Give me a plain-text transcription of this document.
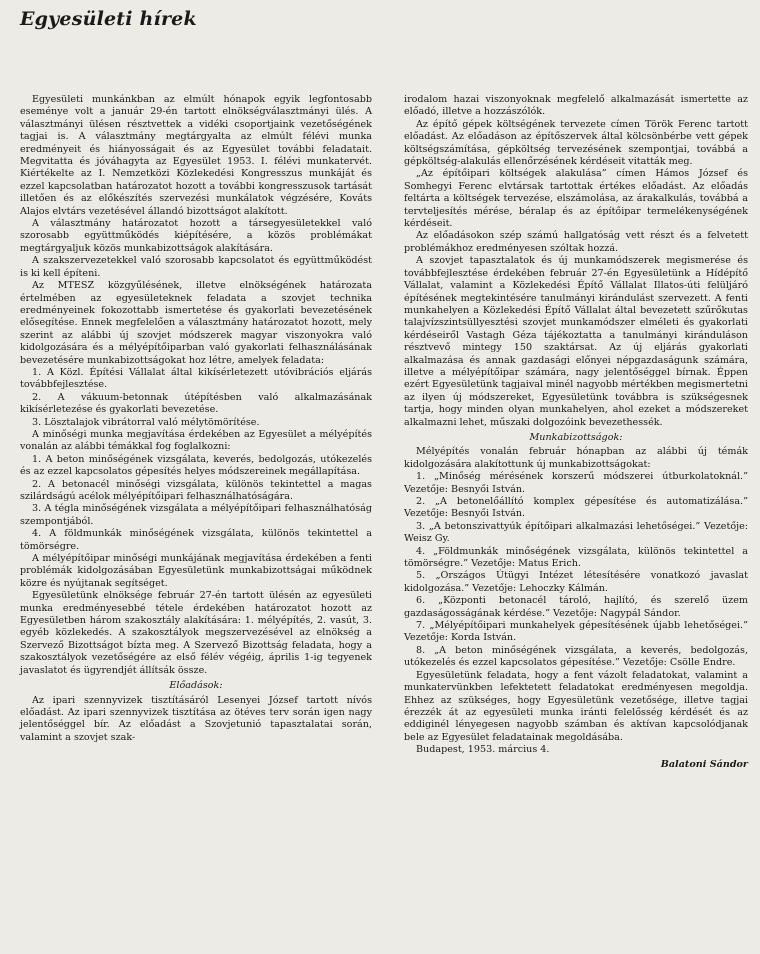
Egyesületi hírek

Egyesületi munkánkban az elmúlt hónapok egyik legfontosabb eseménye volt a január 29-én tartott elnökségválasztmányi ülés. A választmányi ülésen résztvettek a vidéki csoportjaink vezetőségének tagjai is. A választmány megtárgyalta az elmúlt félévi munka eredményeit és hiányosságait és az Egyesület további feladatait. Megvitatta és jóváhagyta az Egyesület 1953. I. félévi munkatervét. Kiértékelte az I. Nemzetközi Közlekedési Kongresszus munkáját és ezzel kapcsolatban határozatot hozott a további kongresszusok tartását illetően és az előkészítés szervezési munkálatok végzésére, Kováts Alajos elvtárs vezetésével állandó bizottságot alakított.

A választmány határozatot hozott a társegyesületekkel való szorosabb együttműködés kiépítésére, a közös problémákat megtárgyaljuk közös munkabizottságok alakítására.

A szakszervezetekkel való szorosabb kapcsolatot és együttműködést is ki kell építeni.

Az MTESZ közgyűlésének, illetve elnökségének határozata értelmében az egyesületeknek feladata a szovjet technika eredményeinek fokozottabb ismertetése és gyakorlati bevezetésének elősegítése. Ennek megfelelően a választmány határozatot hozott, mely szerint az alábbi új szovjet módszerek magyar viszonyokra való kidolgozására és a mélyépítőiparban való gyakorlati felhasználásának bevezetésére munkabizottságokat hoz létre, amelyek feladata:

1. A Közl. Építési Vállalat által kikísérletezett utóvibrációs eljárás továbbfejlesztése.

2. A vákuum-betonnak útépítésben való alkalmazásának kikísérletezése és gyakorlati bevezetése.

3. Lösztalajok vibrátorral való mélytömörítése.

A minőségi munka megjavítása érdekében az Egyesület a mélyépítés vonalán az alábbi témákkal fog foglalkozni:

1. A beton minőségének vizsgálata, keverés, bedolgozás, utókezelés és az ezzel kapcsolatos gépesítés helyes módszereinek megállapítása.

2. A betonacél minőségi vizsgálata, különös tekintettel a magas szilárdságú acélok mélyépítőipari felhasználhatóságára.

3. A tégla minőségének vizsgálata a mélyépítőipari felhasználhatóság szempontjából.

4. A földmunkák minőségének vizsgálata, különös tekintettel a tömörségre.

A mélyépítőipar minőségi munkájának megjavítása érdekében a fenti problémák kidolgozásában Egyesületünk munkabizottságai működnek közre és nyújtanak segítséget.

Egyesületünk elnöksége február 27-én tartott ülésén az egyesületi munka eredményesebbé tétele érdekében határozatot hozott az Egyesületben három szakosztály alakítására: 1. mélyépítés, 2. vasút, 3. egyéb közlekedés. A szakosztályok megszervezésével az elnökség a Szervező Bizottságot bízta meg. A Szervező Bizottság feladata, hogy a szakosztályok vezetőségére az első félév végéig, április 1-ig tegyenek javaslatot és ügyrendjét állítsák össze.

Előadások:

Az ipari szennyvizek tisztításáról Lesenyei József tartott nívós előadást. Az ipari szennyvizek tisztítása az ötéves terv során igen nagy jelentőséggel bír. Az előadást a Szovjetunió tapasztalatai során, valamint a szovjet szak-

irodalom hazai viszonyoknak megfelelő alkalmazását ismertette az előadó, illetve a hozzászólók.

Az építő gépek költségének tervezete címen Török Ferenc tartott előadást. Az előadáson az építőszervek által kölcsönbérbe vett gépek költségszámítása, gépköltség tervezésének szempontjai, továbbá a gépköltség-alakulás ellenőrzésének kérdéseit vitatták meg.

„Az építőipari költségek alakulása” címen Hámos József és Somhegyi Ferenc elvtársak tartottak értékes előadást. Az előadás feltárta a költségek tervezése, elszámolása, az árakalkulás, továbbá a tervteljesítés mérése, béralap és az építőipar termelékenységének kérdéseit.

Az előadásokon szép számú hallgatóság vett részt és a felvetett problémákhoz eredményesen szóltak hozzá.

A szovjet tapasztalatok és új munkamódszerek megismerése és továbbfejlesztése érdekében február 27-én Egyesületünk a Hídépítő Vállalat, valamint a Közlekedési Építő Vállalat Illatos-úti felüljáró építésének megtekintésére tanulmányi kirándulást szervezett. A fenti munkahelyen a Közlekedési Építő Vállalat által bevezetett szűrőkutas talajvízszintsüllyesztési szovjet munkamódszer elméleti és gyakorlati kérdéseiről Vastagh Géza tájékoztatta a tanulmányi kiránduláson résztvevő mintegy 150 szaktársat. Az új eljárás gyakorlati alkalmazása és annak gazdasági előnyei népgazdaságunk számára, illetve a mélyépítőipar számára, nagy jelentőséggel bírnak. Éppen ezért Egyesületünk tagjaival minél nagyobb mértékben megismertetni az ilyen új módszereket, Egyesületünk továbbra is szükségesnek tartja, hogy minden olyan munkahelyen, ahol ezeket a módszereket alkalmazni lehet, műszaki dolgozóink bevezethessék.

Munkabizottságok:

Mélyépítés vonalán február hónapban az alábbi új témák kidolgozására alakítottunk új munkabizottságokat:

1. „Minőség mérésének korszerű módszerei útburkolatoknál.” Vezetője: Besnyői István.

2. „A betonelőállító komplex gépesítése és automatizálása.” Vezetője: Besnyői István.

3. „A betonszivattyúk építőipari alkalmazási lehetőségei.” Vezetője: Weisz Gy.

4. „Földmunkák minőségének vizsgálata, különös tekintettel a tömörségre.” Vezetője: Matus Erich.

5. „Országos Útügyi Intézet létesítésére vonatkozó javaslat kidolgozása.” Vezetője: Lehoczky Kálmán.

6. „Központi betonacél tároló, hajlító, és szerelő üzem gazdaságosságának kérdése.” Vezetője: Nagypál Sándor.

7. „Mélyépítőipari munkahelyek gépesítésének újabb lehetőségei.” Vezetője: Korda István.

8. „A beton minőségének vizsgálata, a keverés, bedolgozás, utókezelés és ezzel kapcsolatos gépesítése.” Vezetője: Csölle Endre.

Egyesületünk feladata, hogy a fent vázolt feladatokat, valamint a munkatervünkben lefektetett feladatokat eredményesen megoldja. Ehhez az szükséges, hogy Egyesületünk vezetősége, illetve tagjai érezzék át az egyesületi munka iránti felelősség kérdését és az eddiginél lényegesen nagyobb számban és aktívan kapcsolódjanak bele az Egyesület feladatainak megoldásába.

Budapest, 1953. március 4.

Balatoni Sándor
